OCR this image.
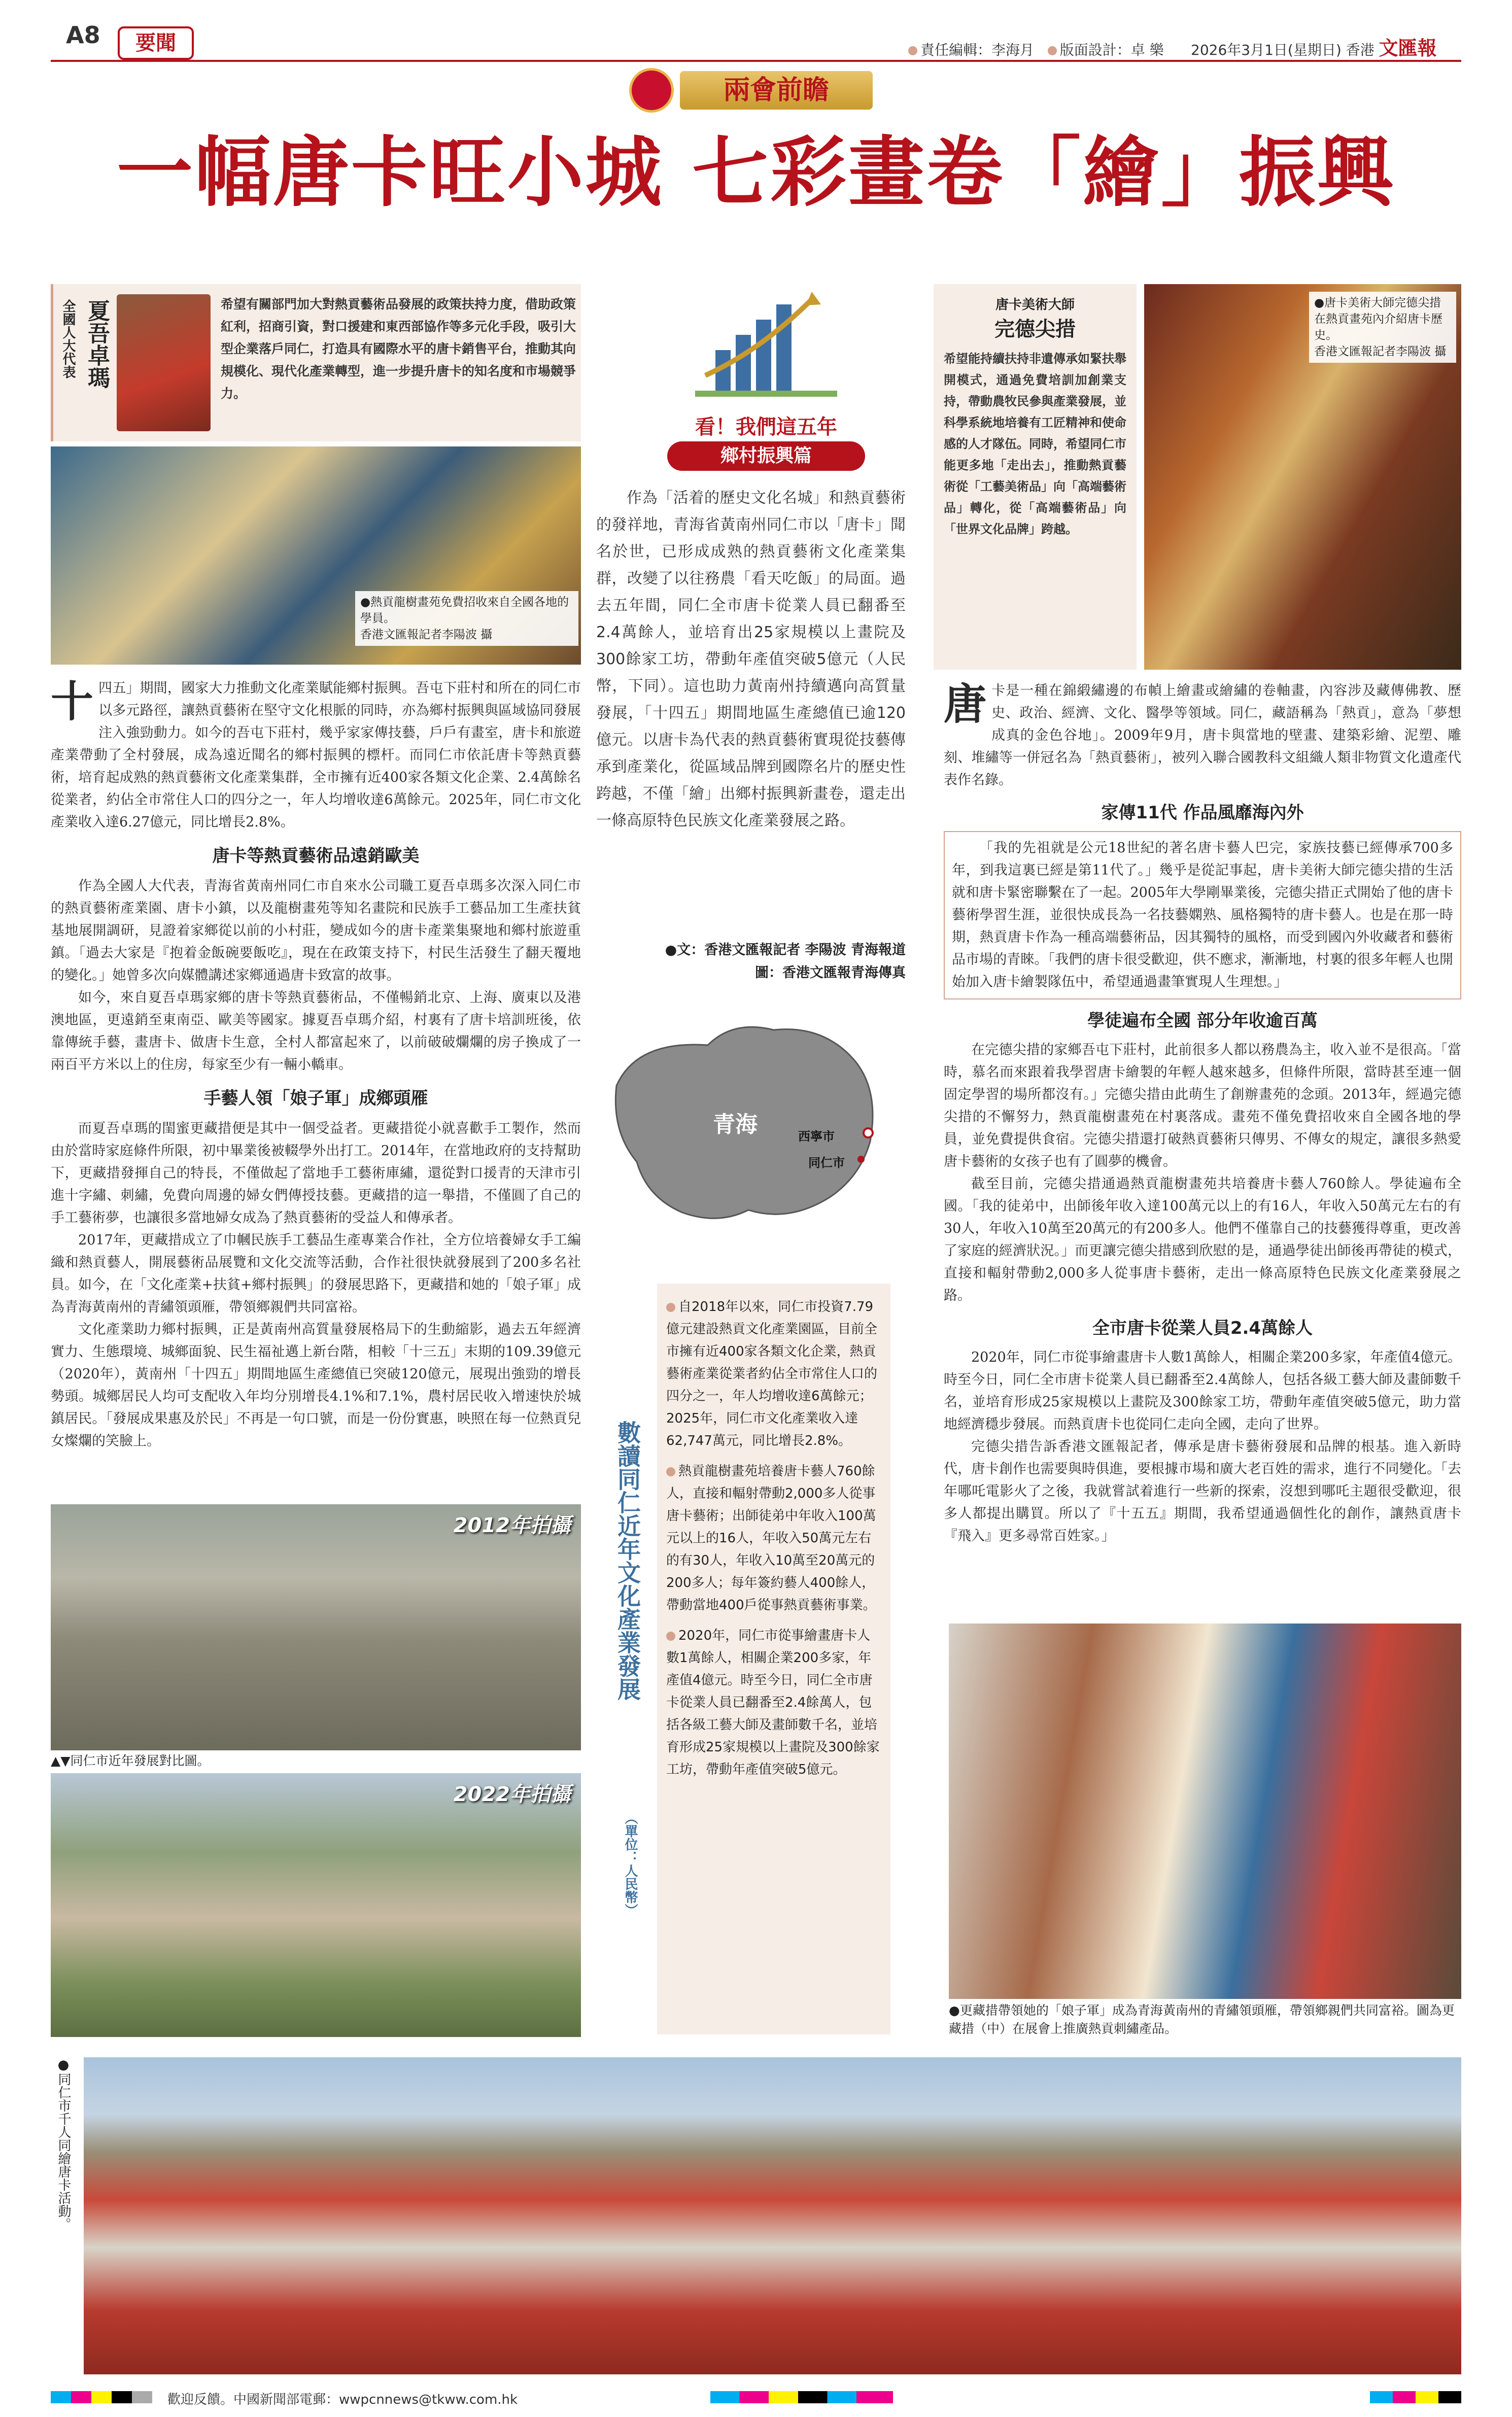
A8	要聞	責任編輯：李海月 版面設計：卓 樂 2026年3月1日(星期日) 香港 文匯報
兩會前瞻
一幅唐卡旺小城 七彩畫卷「繪」振興
全國人大代表 夏吾卓瑪	希望有關部門加大對熱貢藝術品發展的政策扶持力度，借助政策紅利，招商引資，對口援建和東西部協作等多元化手段，吸引大型企業落戶同仁，打造具有國際水平的唐卡銷售平台，推動其向規模化、現代化產業轉型，進一步提升唐卡的知名度和市場競爭力。
●熱貢龍樹畫苑免費招收來自全國各地的學員。
香港文匯報記者李陽波 攝

十四五」期間，國家大力推動文化產業賦能鄉村振興。吾屯下莊村和所在的同仁市以多元路徑，讓熱貢藝術在堅守文化根脈的同時，亦為鄉村振興與區域協同發展注入強勁動力。如今的吾屯下莊村，幾乎家家傳技藝，戶戶有畫室，唐卡和旅遊產業帶動了全村發展，成為遠近聞名的鄉村振興的標杆。而同仁市依託唐卡等熱貢藝術，培育起成熟的熱貢藝術文化產業集群，全市擁有近400家各類文化企業、2.4萬餘名從業者，約佔全市常住人口的四分之一，年人均增收達6萬餘元。2025年，同仁市文化產業收入達6.27億元，同比增長2.8%。

唐卡等熱貢藝術品遠銷歐美

作為全國人大代表，青海省黃南州同仁市自來水公司職工夏吾卓瑪多次深入同仁市的熱貢藝術產業園、唐卡小鎮，以及龍樹畫苑等知名畫院和民族手工藝品加工生產扶貧基地展開調研，見證着家鄉從以前的小村莊，變成如今的唐卡產業集聚地和鄉村旅遊重鎮。「過去大家是『抱着金飯碗要飯吃』，現在在政策支持下，村民生活發生了翻天覆地的變化。」她曾多次向媒體講述家鄉通過唐卡致富的故事。

如今，來自夏吾卓瑪家鄉的唐卡等熱貢藝術品，不僅暢銷北京、上海、廣東以及港澳地區，更遠銷至東南亞、歐美等國家。據夏吾卓瑪介紹，村裏有了唐卡培訓班後，依靠傳統手藝，畫唐卡、做唐卡生意，全村人都富起來了，以前破破爛爛的房子換成了一兩百平方米以上的住房，每家至少有一輛小轎車。

手藝人領「娘子軍」成鄉頭雁

而夏吾卓瑪的閨蜜更藏措便是其中一個受益者。更藏措從小就喜歡手工製作，然而由於當時家庭條件所限，初中畢業後被輟學外出打工。2014年，在當地政府的支持幫助下，更藏措發揮自己的特長，不僅做起了當地手工藝術庫繡，還從對口援青的天津市引進十字繡、刺繡，免費向周邊的婦女們傳授技藝。更藏措的這一舉措，不僅圓了自己的手工藝術夢，也讓很多當地婦女成為了熱貢藝術的受益人和傳承者。

2017年，更藏措成立了巾幗民族手工藝品生產專業合作社，全方位培養婦女手工編織和熱貢藝人，開展藝術品展覽和文化交流等活動，合作社很快就發展到了200多名社員。如今，在「文化產業+扶貧+鄉村振興」的發展思路下，更藏措和她的「娘子軍」成為青海黃南州的青繡領頭雁，帶領鄉親們共同富裕。

文化產業助力鄉村振興，正是黃南州高質量發展格局下的生動縮影，過去五年經濟實力、生態環境、城鄉面貌、民生福祉邁上新台階，相較「十三五」末期的109.39億元（2020年），黃南州「十四五」期間地區生產總值已突破120億元，展現出強勁的增長勢頭。城鄉居民人均可支配收入年均分別增長4.1%和7.1%，農村居民收入增速快於城鎮居民。「發展成果惠及於民」不再是一句口號，而是一份份實惠，映照在每一位熱貢兒女燦爛的笑臉上。

2012年拍攝
▲▼同仁市近年發展對比圖。
2022年拍攝
看！我們這五年
鄉村振興篇
作為「活着的歷史文化名城」和熱貢藝術的發祥地，青海省黃南州同仁市以「唐卡」聞名於世，已形成成熟的熱貢藝術文化產業集群，改變了以往務農「看天吃飯」的局面。過去五年間，同仁全市唐卡從業人員已翻番至2.4萬餘人，並培育出25家規模以上畫院及300餘家工坊，帶動年產值突破5億元（人民幣，下同）。這也助力黃南州持續邁向高質量發展，「十四五」期間地區生產總值已逾120億元。以唐卡為代表的熱貢藝術實現從技藝傳承到產業化，從區域品牌到國際名片的歷史性跨越，不僅「繪」出鄉村振興新畫卷，還走出一條高原特色民族文化產業發展之路。
●文：香港文匯報記者 李陽波 青海報道
圖：香港文匯報青海傳真
青海	西寧市
同仁市
數讀同仁近年文化產業發展
（單位：人民幣）
自2018年以來，同仁市投資7.79億元建設熱貢文化產業園區，目前全市擁有近400家各類文化企業，熱貢藝術產業從業者約佔全市常住人口的四分之一，年人均增收達6萬餘元；2025年，同仁市文化產業收入達62,747萬元，同比增長2.8%。
熱貢龍樹畫苑培養唐卡藝人760餘人，直接和輻射帶動2,000多人從事唐卡藝術；出師徒弟中年收入100萬元以上的16人，年收入50萬元左右的有30人，年收入10萬至20萬元的200多人；每年簽約藝人400餘人，帶動當地400戶從事熱貢藝術事業。
2020年，同仁市從事繪畫唐卡人數1萬餘人，相關企業200多家，年產值4億元。時至今日，同仁全市唐卡從業人員已翻番至2.4餘萬人，包括各級工藝大師及畫師數千名，並培育形成25家規模以上畫院及300餘家工坊，帶動年產值突破5億元。
唐卡美術大師
完德尖措
希望能持續扶持非遺傳承如緊扶舉開模式，通過免費培訓加創業支持，帶動農牧民參與產業發展，並科學系統地培養有工匠精神和使命感的人才隊伍。同時，希望同仁市能更多地「走出去」，推動熱貢藝術從「工藝美術品」向「高端藝術品」轉化，從「高端藝術品」向「世界文化品牌」跨越。
●唐卡美術大師完德尖措在熱貢畫苑內介紹唐卡歷史。
香港文匯報記者李陽波 攝

唐卡是一種在錦緞繡邊的布幀上繪畫或繪繡的卷軸畫，內容涉及藏傳佛教、歷史、政治、經濟、文化、醫學等領域。同仁，藏語稱為「熱貢」，意為「夢想成真的金色谷地」。2009年9月，唐卡與當地的壁畫、建築彩繪、泥塑、雕刻、堆繡等一併冠名為「熱貢藝術」，被列入聯合國教科文組織人類非物質文化遺產代表作名錄。

家傳11代 作品風靡海內外

「我的先祖就是公元18世紀的著名唐卡藝人巴完，家族技藝已經傳承700多年，到我這裏已經是第11代了。」幾乎是從記事起，唐卡美術大師完德尖措的生活就和唐卡緊密聯繫在了一起。2005年大學剛畢業後，完德尖措正式開始了他的唐卡藝術學習生涯，並很快成長為一名技藝嫻熟、風格獨特的唐卡藝人。也是在那一時期，熱貢唐卡作為一種高端藝術品，因其獨特的風格，而受到國內外收藏者和藝術品市場的青睞。「我們的唐卡很受歡迎，供不應求，漸漸地，村裏的很多年輕人也開始加入唐卡繪製隊伍中，希望通過畫筆實現人生理想。」

學徒遍布全國 部分年收逾百萬

在完德尖措的家鄉吾屯下莊村，此前很多人都以務農為主，收入並不是很高。「當時，慕名而來跟着我學習唐卡繪製的年輕人越來越多，但條件所限，當時甚至連一個固定學習的場所都沒有。」完德尖措由此萌生了創辦畫苑的念頭。2013年，經過完德尖措的不懈努力，熱貢龍樹畫苑在村裏落成。畫苑不僅免費招收來自全國各地的學員，並免費提供食宿。完德尖措還打破熱貢藝術只傳男、不傳女的規定，讓很多熱愛唐卡藝術的女孩子也有了圓夢的機會。

截至目前，完德尖措通過熱貢龍樹畫苑共培養唐卡藝人760餘人。學徒遍布全國。「我的徒弟中，出師後年收入達100萬元以上的有16人，年收入50萬元左右的有30人，年收入10萬至20萬元的有200多人。他們不僅靠自己的技藝獲得尊重，更改善了家庭的經濟狀況。」而更讓完德尖措感到欣慰的是，通過學徒出師後再帶徒的模式，直接和輻射帶動2,000多人從事唐卡藝術，走出一條高原特色民族文化產業發展之路。

全市唐卡從業人員2.4萬餘人

2020年，同仁市從事繪畫唐卡人數1萬餘人，相關企業200多家，年產值4億元。時至今日，同仁全市唐卡從業人員已翻番至2.4萬餘人，包括各級工藝大師及畫師數千名，並培育形成25家規模以上畫院及300餘家工坊，帶動年產值突破5億元，助力當地經濟穩步發展。而熱貢唐卡也從同仁走向全國，走向了世界。

完德尖措告訴香港文匯報記者，傳承是唐卡藝術發展和品牌的根基。進入新時代，唐卡創作也需要與時俱進，要根據市場和廣大老百姓的需求，進行不同變化。「去年哪吒電影火了之後，我就嘗試着進行一些新的探索，沒想到哪吒主題很受歡迎，很多人都提出購買。所以了『十五五』期間，我希望通過個性化的創作，讓熱貢唐卡『飛入』更多尋常百姓家。」

●更藏措帶領她的「娘子軍」成為青海黃南州的青繡領頭雁，帶領鄉親們共同富裕。圖為更藏措（中）在展會上推廣熱貢刺繡產品。
●同仁市千人同繪唐卡活動。
歡迎反饋。中國新聞部電郵：wwpcnnews@tkww.com.hk
